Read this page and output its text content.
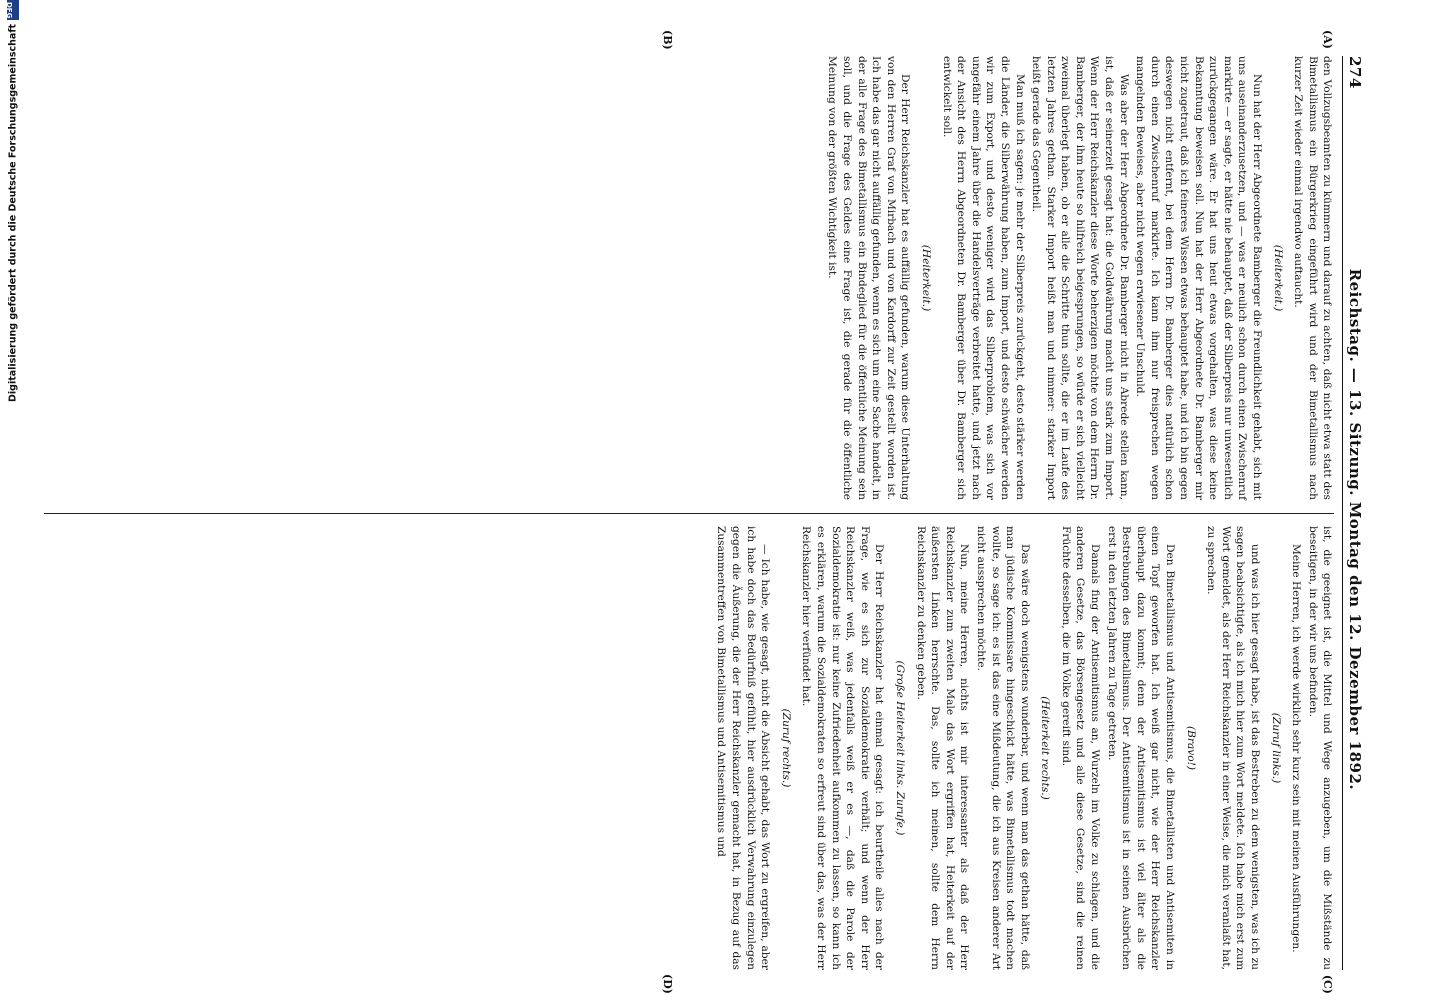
274
Reichstag. — 13. Sitzung. Montag den 12. Dezember 1892.
(A)
(B)
(C)
(D)

den Vollzugsbeamten zu kümmern und darauf zu achten, daß nicht etwa statt des Bimetallismus ein Bürgerkrieg eingeführt wird und der Bimetallismus nach kurzer Zeit wieder einmal irgendwo auftaucht.

(Heiterkeit.)

Nun hat der Herr Abgeordnete Bamberger die Freundlichkeit gehabt, sich mit uns auseinanderzusetzen, und — was er neulich schon durch einen Zwischenruf markirte — er sagte, er hätte nie behauptet, daß der Silberpreis nur unwesentlich zurückgegangen wäre. Er hat uns heut etwas vorgehalten, was diese keine Bekanntung beweisen soll. Nun hat der Herr Abgeordnete Dr. Bamberger mir nicht zugetraut, daß ich feineres Wissen etwas behauptet habe, und ich bin gegen deswegen nicht entfernt, bei dem Herrn Dr. Bamberger dies natürlich schon durch einen Zwischenruf markirte. Ich kann ihm nur freisprechen wegen mangelnden Beweises, aber nicht wegen erwiesener Unschuld.

Was aber der Herr Abgeordnete Dr. Bamberger nicht in Abrede stellen kann, ist, daß er seinerzeit gesagt hat: die Goldwährung macht uns stark zum Import. Wenn der Herr Reichskanzler diese Worte beherzigen möchte von dem Herrn Dr. Bamberger, der ihm heute so hilfreich beigesprungen, so würde er sich vielleicht zweimal überlegt haben, ob er alle die Schritte thun sollte, die er im Laufe des letzten Jahres gethan. Starker Import heißt man und nimmer: starker Import heißt gerade das Gegentheil.

Man muß ich sagen: je mehr der Silberpreis zurückgeht, desto stärker werden die Länder, die Silberwährung haben, zum Import, und desto schwächer werden wir zum Export, und desto weniger wird das Silberproblem, was sich vor ungefähr einem Jahre über die Handelsverträge verbreitet hatte, und jetzt nach der Ansicht des Herrn Abgeordneten Dr. Bamberger über Dr. Bamberger sich entwickelt soll.

(Heiterkeit.)

Der Herr Reichskanzler hat es auffällig gefunden, warum diese Unterhaltung von den Herren Graf von Mirbach und von Kardorff zur Zeit gestellt worden ist. Ich habe das gar nicht auffällig gefunden, wenn es sich um eine Sache handelt, in der alle Frage des Bimetallismus ein Bindeglied für die öffentliche Meinung sein soll, und die Frage des Geldes eine Frage ist, die gerade für die öffentliche Meinung von der größten Wichtigkeit ist.

ist, die geeignet ist, die Mittel und Wege anzugeben, um die Mißstände zu beseitigen, in der wir uns befinden.

Meine Herren, ich werde wirklich sehr kurz sein mit meinen Ausführungen.

(Zuruf links.)

und was ich hier gesagt habe, ist das Bestreben zu dem wenigsten, was ich zu sagen beabsichtigte, als ich mich hier zum Wort meldete. Ich habe mich erst zum Wort gemeldet, als der Herr Reichskanzler in einer Weise, die mich veranlaßt hat, zu sprechen.

(Bravo!)

Den Bimetallismus und Antisemitismus, die Bimetallisten und Antisemiten in einen Topf geworfen hat. Ich weiß gar nicht, wie der Herr Reichskanzler überhaupt dazu kommt; denn der Antisemitismus ist viel älter als die Bestrebungen des Bimetallismus. Der Antisemitismus ist in seinen Ausbrüchen erst in den letzten Jahren zu Tage getreten.

Damals fing der Antisemitismus an, Wurzeln im Volke zu schlagen, und die anderen Gesetze, das Börsengesetz und alle diese Gesetze, sind die reinen Früchte desselben, die im Volke gereift sind.

(Heiterkeit rechts.)

Das wäre doch wenigstens wunderbar, und wenn man das gethan hätte, daß man jüdische Kommissare hingeschickt hätte, was Bimetallismus todt machen wollte, so sage ich: es ist das eine Mißdeutung, die ich aus Kreisen anderer Art nicht aussprechen möchte.

Nun, meine Herren, nichts ist mir interessanter als daß der Herr Reichskanzler zum zweiten Male das Wort ergriffen hat, Heiterkeit auf der äußersten Linken herrschte. Das, sollte ich meinen, sollte dem Herrn Reichskanzler zu denken geben.

(Große Heiterkeit links. Zurufe.)

Der Herr Reichskanzler hat einmal gesagt: ich beurtheile alles nach der Frage, wie es sich zur Sozialdemokratie verhält; und wenn der Herr Reichskanzler weiß, was jedenfalls weiß er es —, daß die Parole der Sozialdemokratie ist: nur keine Zufriedenheit aufkommen zu lassen, so kann ich es erklären, warum die Sozialdemokraten so erfreut sind über das, was der Herr Reichskanzler hier verfündet hat.

(Zuruf rechts.)

— Ich habe, wie gesagt, nicht die Absicht gehabt, das Wort zu ergreifen, aber ich habe doch das Bedürfniß gefühlt, hier ausdrücklich Verwahrung einzulegen gegen die Äußerung, die der Herr Reichskanzler gemacht hat, in Bezug auf das Zusammentreffen von Bimetallismus und Antisemitismus und

Digitalisierung gefördert durch die Deutsche Forschungsgemeinschaft
DFG
